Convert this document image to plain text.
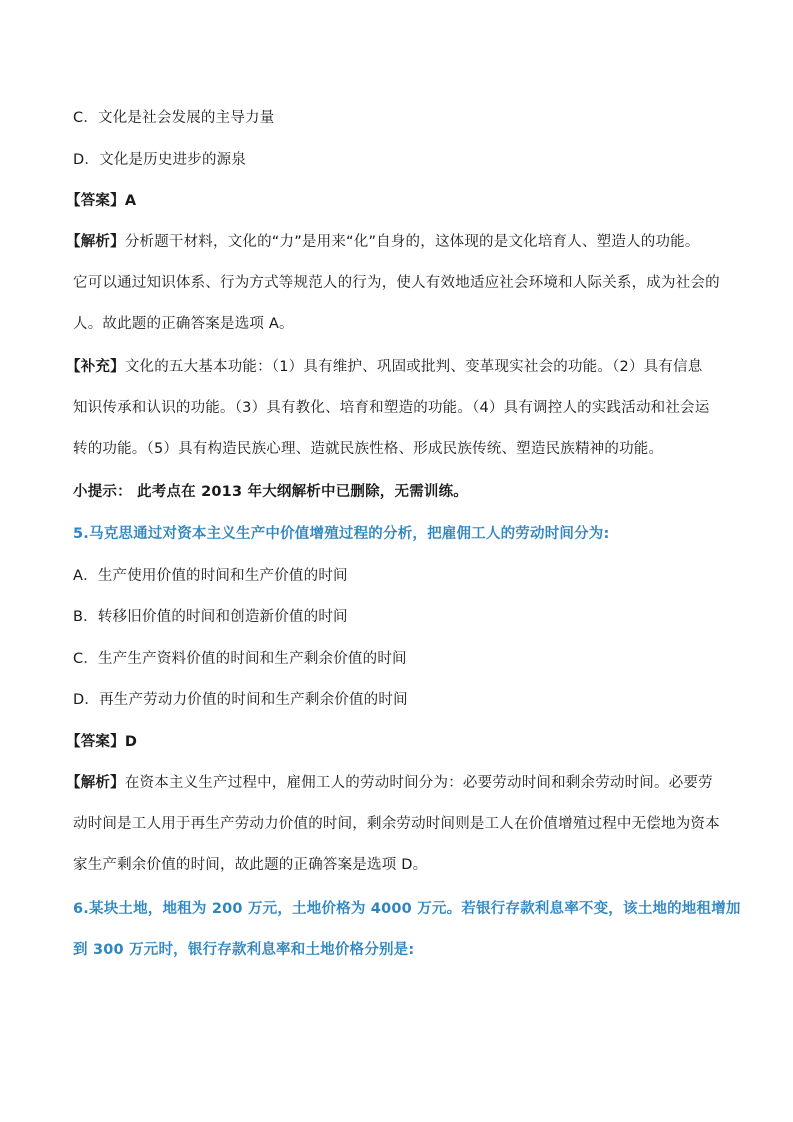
C．文化是社会发展的主导力量
D．文化是历史进步的源泉
【答案】A
【解析】分析题干材料，文化的“力”是用来“化”自身的，这体现的是文化培育人、塑造人的功能。
它可以通过知识体系、行为方式等规范人的行为，使人有效地适应社会环境和人际关系，成为社会的
人。故此题的正确答案是选项 A。
【补充】文化的五大基本功能：（1）具有维护、巩固或批判、变革现实社会的功能。（2）具有信息
知识传承和认识的功能。（3）具有教化、培育和塑造的功能。（4）具有调控人的实践活动和社会运
转的功能。（5）具有构造民族心理、造就民族性格、形成民族传统、塑造民族精神的功能。
小提示： 此考点在 2013 年大纲解析中已删除，无需训练。
5.马克思通过对资本主义生产中价值增殖过程的分析，把雇佣工人的劳动时间分为:
A．生产使用价值的时间和生产价值的时间
B．转移旧价值的时间和创造新价值的时间
C．生产生产资料价值的时间和生产剩余价值的时间
D．再生产劳动力价值的时间和生产剩余价值的时间
【答案】D
【解析】在资本主义生产过程中，雇佣工人的劳动时间分为：必要劳动时间和剩余劳动时间。必要劳
动时间是工人用于再生产劳动力价值的时间，剩余劳动时间则是工人在价值增殖过程中无偿地为资本
家生产剩余价值的时间，故此题的正确答案是选项 D。
6.某块土地，地租为 200 万元，土地价格为 4000 万元。若银行存款利息率不变，该土地的地租增加
到 300 万元时，银行存款利息率和土地价格分别是:
